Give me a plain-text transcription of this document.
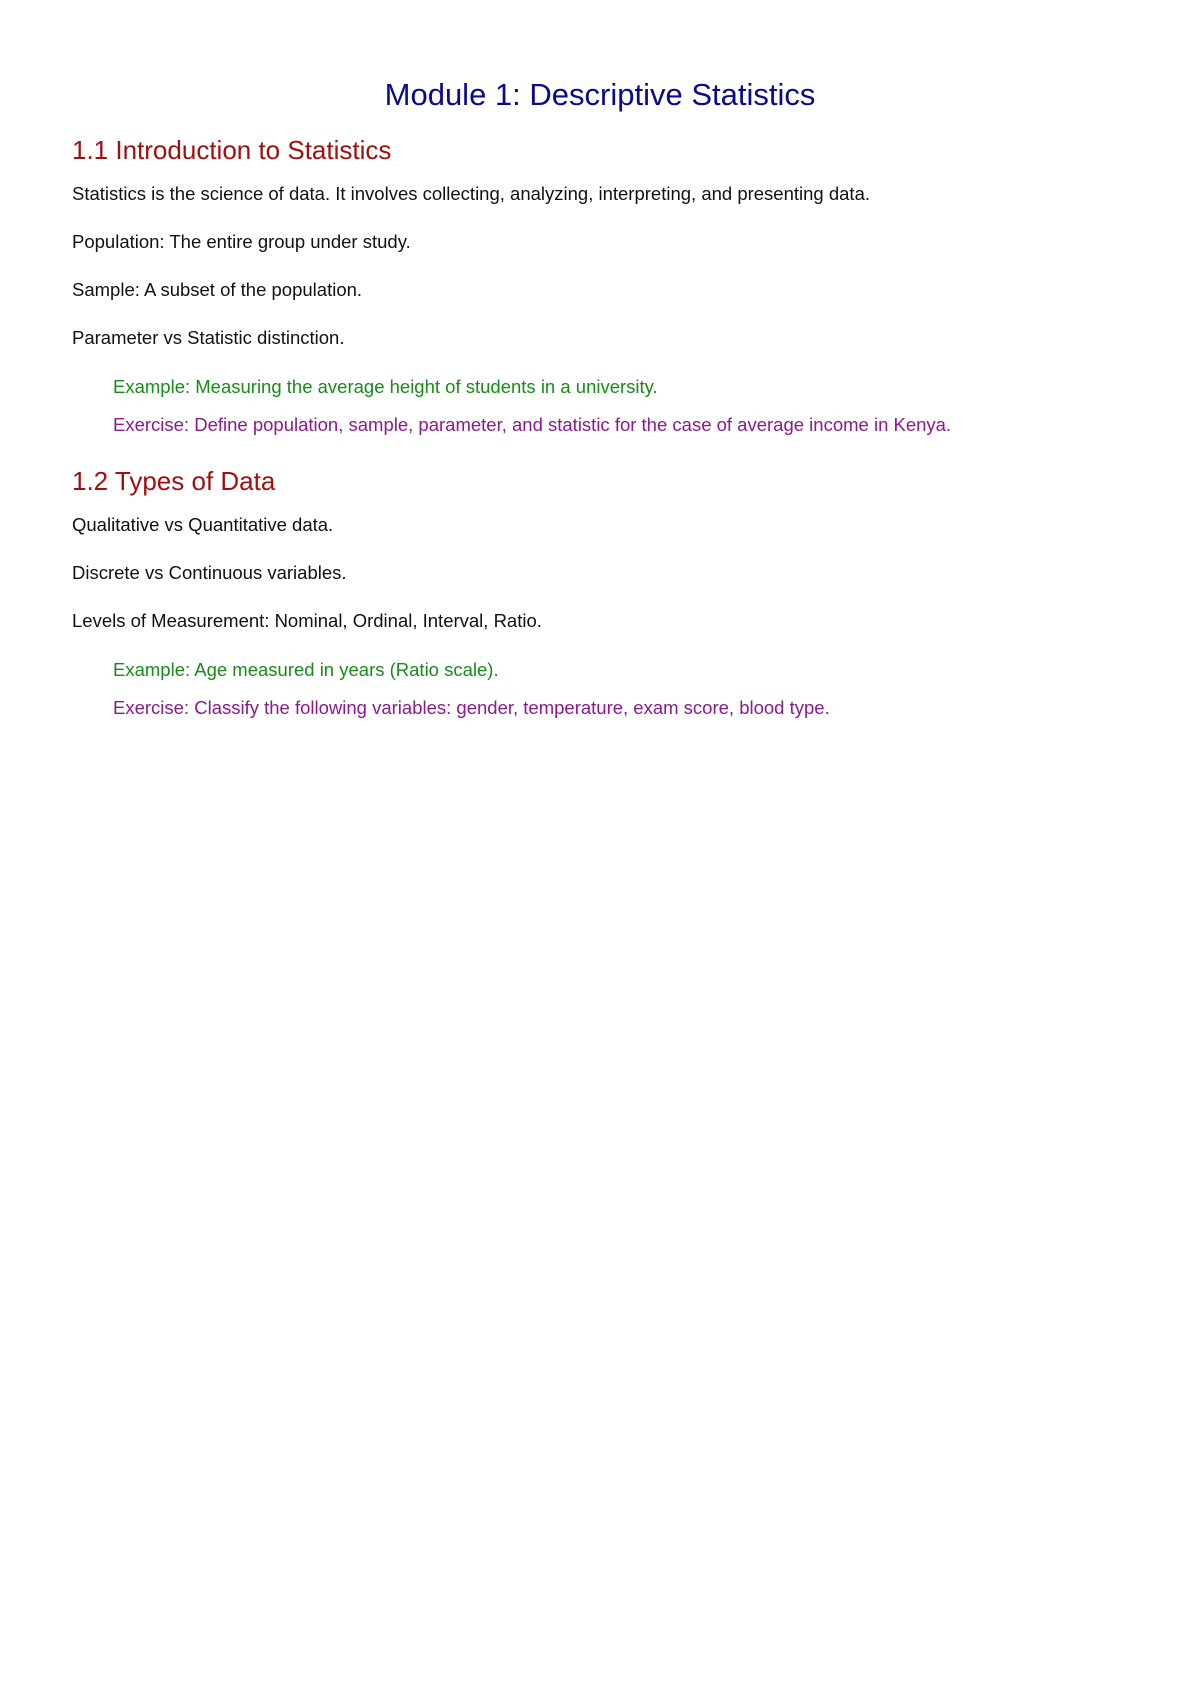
Module 1: Descriptive Statistics
1.1 Introduction to Statistics

Statistics is the science of data. It involves collecting, analyzing, interpreting, and presenting data.

Population: The entire group under study.

Sample: A subset of the population.

Parameter vs Statistic distinction.

Example: Measuring the average height of students in a university.

Exercise: Define population, sample, parameter, and statistic for the case of average income in Kenya.

1.2 Types of Data

Qualitative vs Quantitative data.

Discrete vs Continuous variables.

Levels of Measurement: Nominal, Ordinal, Interval, Ratio.

Example: Age measured in years (Ratio scale).

Exercise: Classify the following variables: gender, temperature, exam score, blood type.
